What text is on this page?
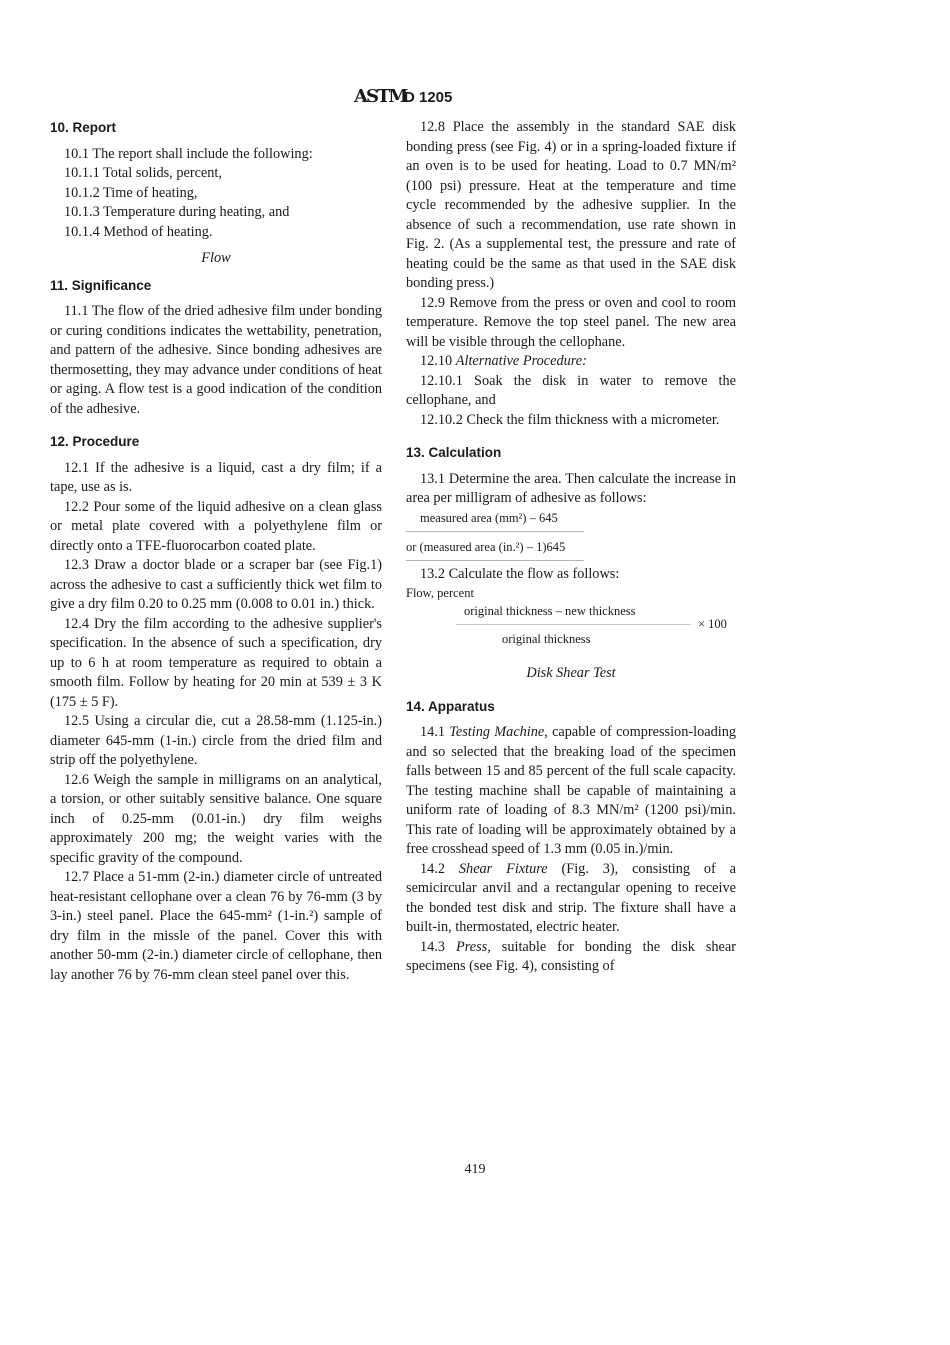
ASTM
D 1205

10. Report

10.1 The report shall include the following:

10.1.1 Total solids, percent,

10.1.2 Time of heating,

10.1.3 Temperature during heating, and

10.1.4 Method of heating.

Flow

11. Significance

11.1 The flow of the dried adhesive film under bonding or curing conditions indicates the wettability, penetration, and pattern of the adhesive. Since bonding adhesives are thermosetting, they may advance under conditions of heat or aging. A flow test is a good indication of the condition of the adhesive.

12. Procedure

12.1 If the adhesive is a liquid, cast a dry film; if a tape, use as is.

12.2 Pour some of the liquid adhesive on a clean glass or metal plate covered with a polyethylene film or directly onto a TFE-fluorocarbon coated plate.

12.3 Draw a doctor blade or a scraper bar (see Fig.1) across the adhesive to cast a sufficiently thick wet film to give a dry film 0.20 to 0.25 mm (0.008 to 0.01 in.) thick.

12.4 Dry the film according to the adhesive supplier's specification. In the absence of such a specification, dry up to 6 h at room temperature as required to obtain a smooth film. Follow by heating for 20 min at 539 ± 3 K (175 ± 5 F).

12.5 Using a circular die, cut a 28.58-mm (1.125-in.) diameter 645-mm (1-in.) circle from the dried film and strip off the polyethylene.

12.6 Weigh the sample in milligrams on an analytical, a torsion, or other suitably sensitive balance. One square inch of 0.25-mm (0.01-in.) dry film weighs approximately 200 mg; the weight varies with the specific gravity of the compound.

12.7 Place a 51-mm (2-in.) diameter circle of untreated heat-resistant cellophane over a clean 76 by 76-mm (3 by 3-in.) steel panel. Place the 645-mm² (1-in.²) sample of dry film in the missle of the panel. Cover this with another 50-mm (2-in.) diameter circle of cellophane, then lay another 76 by 76-mm clean steel panel over this.

12.8 Place the assembly in the standard SAE disk bonding press (see Fig. 4) or in a spring-loaded fixture if an oven is to be used for heating. Load to 0.7 MN/m² (100 psi) pressure. Heat at the temperature and time cycle recommended by the adhesive supplier. In the absence of such a recommendation, use rate shown in Fig. 2. (As a supplemental test, the pressure and rate of heating could be the same as that used in the SAE disk bonding press.)

12.9 Remove from the press or oven and cool to room temperature. Remove the top steel panel. The new area will be visible through the cellophane.

12.10 Alternative Procedure:

12.10.1 Soak the disk in water to remove the cellophane, and

12.10.2 Check the film thickness with a micrometer.

13. Calculation

13.1 Determine the area. Then calculate the increase in area per milligram of adhesive as follows:

measured area (mm²) – 645
or (measured area (in.²) – 1)645

13.2 Calculate the flow as follows:

Flow, percent
original thickness – new thickness
original thickness
× 100

Disk Shear Test

14. Apparatus

14.1 Testing Machine, capable of compression-loading and so selected that the breaking load of the specimen falls between 15 and 85 percent of the full scale capacity. The testing machine shall be capable of maintaining a uniform rate of loading of 8.3 MN/m² (1200 psi)/min. This rate of loading will be approximately obtained by a free crosshead speed of 1.3 mm (0.05 in.)/min.

14.2 Shear Fixture (Fig. 3), consisting of a semicircular anvil and a rectangular opening to receive the bonded test disk and strip. The fixture shall have a built-in, thermostated, electric heater.

14.3 Press, suitable for bonding the disk shear specimens (see Fig. 4), consisting of

419
